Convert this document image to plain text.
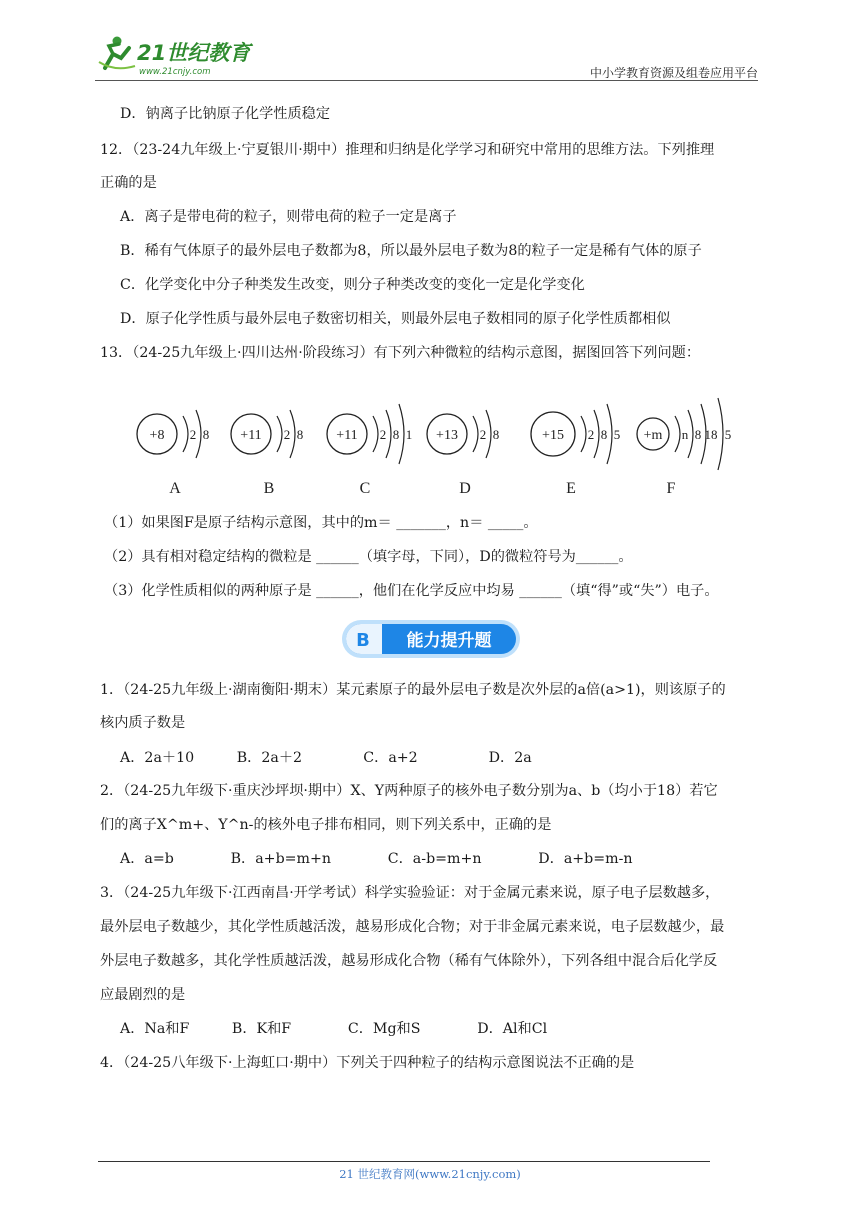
21世纪教育
www.21cnjy.com	中小学教育资源及组卷应用平台
D．钠离子比钠原子化学性质稳定
12．（23-24九年级上·宁夏银川·期中）推理和归纳是化学学习和研究中常用的思维方法。下列推理
正确的是
A．离子是带电荷的粒子，则带电荷的粒子一定是离子
B．稀有气体原子的最外层电子数都为8，所以最外层电子数为8的粒子一定是稀有气体的原子
C．化学变化中分子种类发生改变，则分子种类改变的变化一定是化学变化
D．原子化学性质与最外层电子数密切相关，则最外层电子数相同的原子化学性质都相似
13．（24-25九年级上·四川达州·阶段练习）有下列六种微粒的结构示意图，据图回答下列问题：
+8 2 8
A
+11 2 8
B
+11 2 8 1
C
+13 2 8
D
+15 2 8 5
E
+m n 8 18 5
F
（1）如果图F是原子结构示意图，其中的m＝ _______，n＝ _____。
（2）具有相对稳定结构的微粒是 ______（填字母，下同），D的微粒符号为______。
（3）化学性质相似的两种原子是 ______，他们在化学反应中均易 ______（填“得”或“失”）电子。
B 能力提升题
1．（24-25九年级上·湖南衡阳·期末）某元素原子的最外层电子数是次外层的a倍(a>1)，则该原子的
核内质子数是
A．2a＋10　　　B．2a＋2　　　　 C．a+2　　　　　D．2a
2．（24-25九年级下·重庆沙坪坝·期中）X、Y两种原子的核外电子数分别为a、b（均小于18）若它
们的离子X^m+、Y^n-的核外电子排布相同，则下列关系中，正确的是
A．a=b　　　　B．a+b=m+n　　　　C．a-b=m+n　　　　D．a+b=m-n
3．（24-25九年级下·江西南昌·开学考试）科学实验验证：对于金属元素来说，原子电子层数越多，
最外层电子数越少，其化学性质越活泼，越易形成化合物；对于非金属元素来说，电子层数越少，最
外层电子数越多，其化学性质越活泼，越易形成化合物（稀有气体除外），下列各组中混合后化学反
应最剧烈的是
A．Na和F　　　B．K和F　　　　C．Mg和S　　　　D．Al和Cl
4．（24-25八年级下·上海虹口·期中）下列关于四种粒子的结构示意图说法不正确的是
21 世纪教育网(www.21cnjy.com)
